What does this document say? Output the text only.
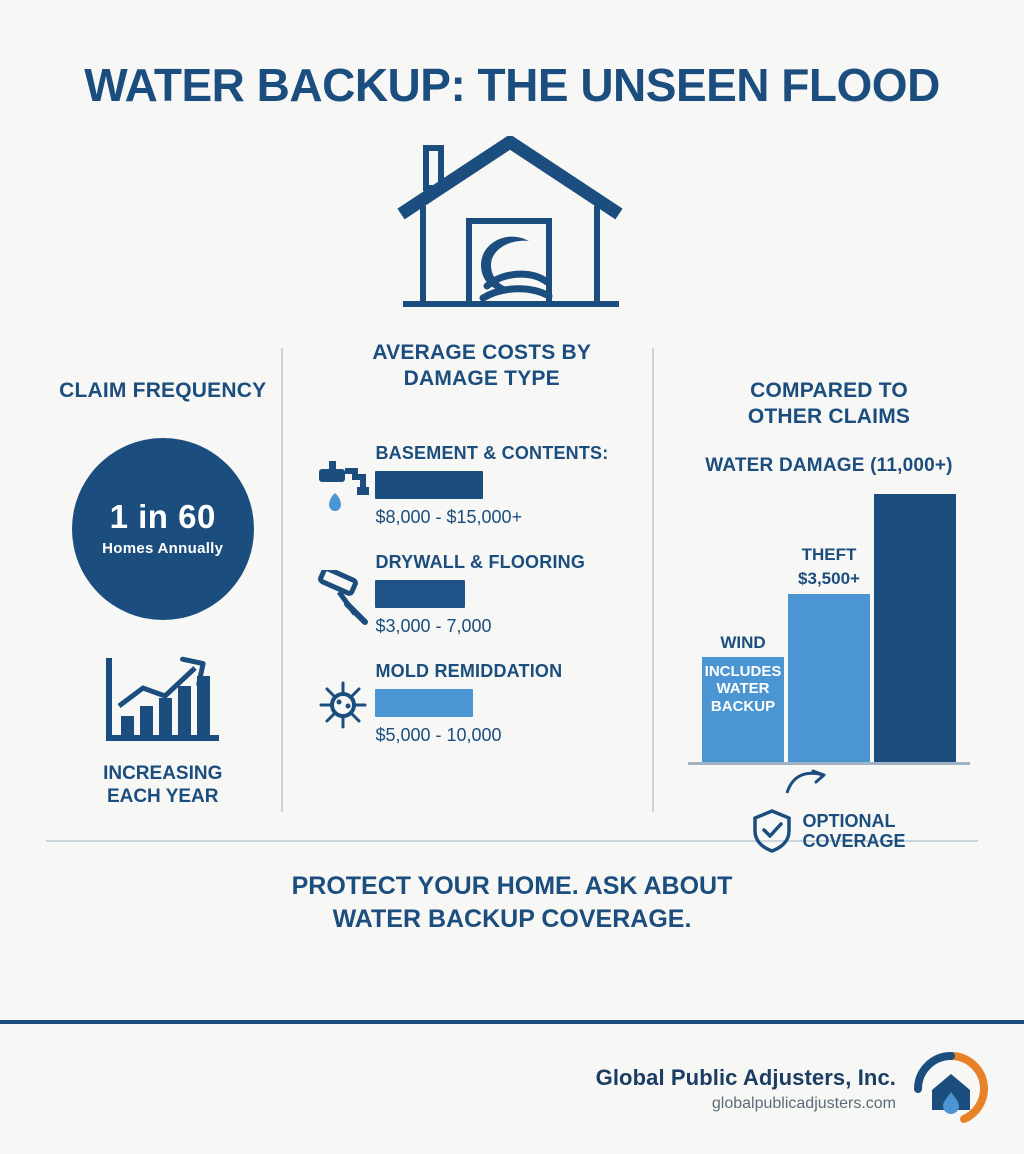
WATER BACKUP: THE UNSEEN FLOOD
CLAIM FREQUENCY
1 in 60
Homes Annually
INCREASING
EACH YEAR
AVERAGE COSTS BY
DAMAGE TYPE
BASEMENT & CONTENTS:
$8,000 - $15,000+
DRYWALL & FLOORING
$3,000 - 7,000
MOLD REMIDDATION
$5,000 - 10,000
COMPARED TO
OTHER CLAIMS
WATER DAMAGE (11,000+)
WIND
INCLUDES WATER BACKUP
THEFT
$3,500+
OPTIONAL
COVERAGE
PROTECT YOUR HOME. ASK ABOUT
WATER BACKUP COVERAGE.
Global Public Adjusters, Inc.
globalpublicadjusters.com
